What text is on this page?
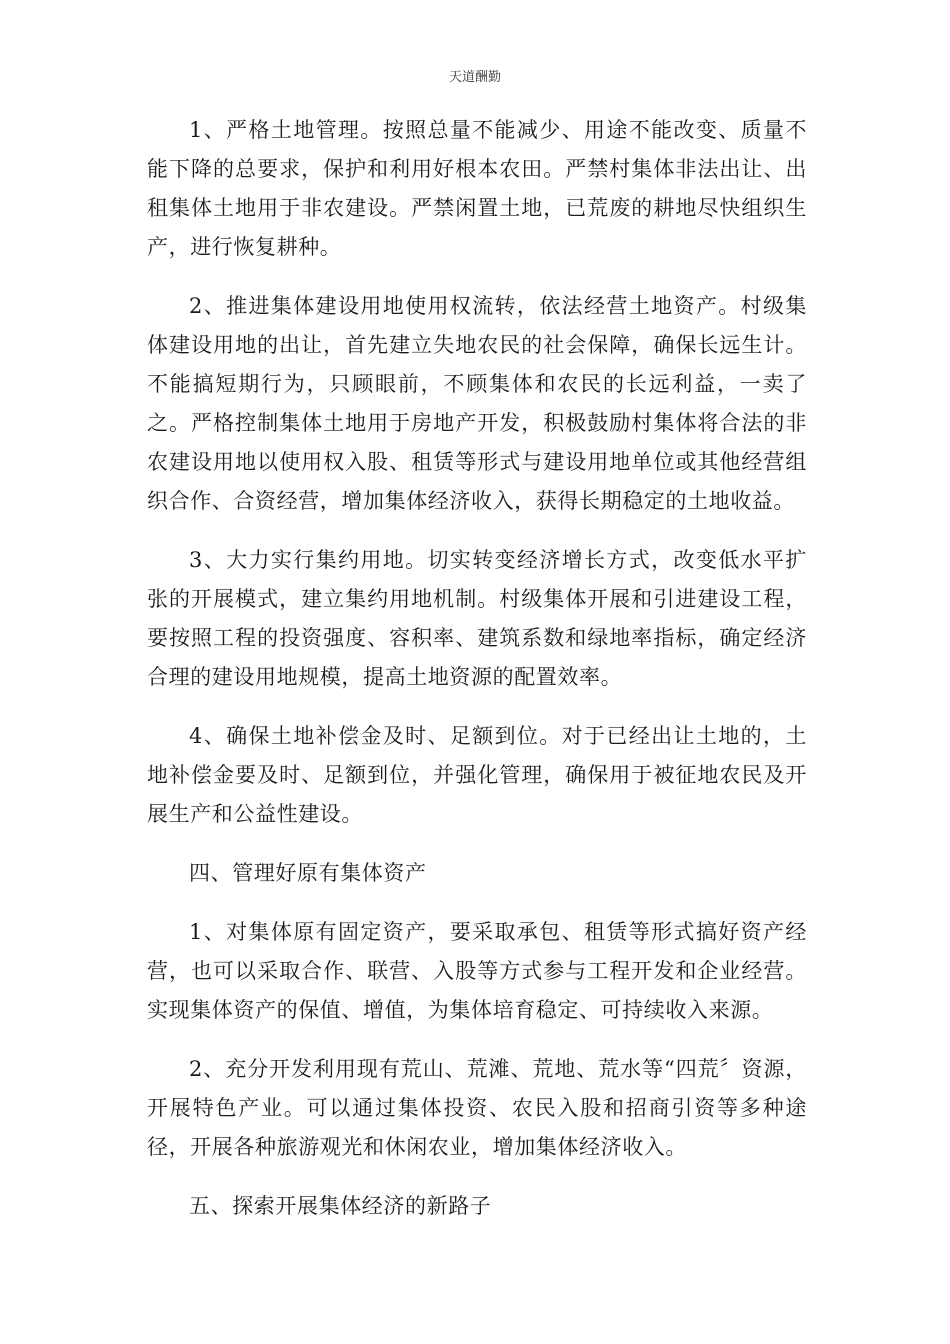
天道酬勤

1、严格土地管理。按照总量不能减少、用途不能改变、质量不能下降的总要求，保护和利用好根本农田。严禁村集体非法出让、出租集体土地用于非农建设。严禁闲置土地，已荒废的耕地尽快组织生产，进行恢复耕种。

2、推进集体建设用地使用权流转，依法经营土地资产。村级集体建设用地的出让，首先建立失地农民的社会保障，确保长远生计。不能搞短期行为，只顾眼前，不顾集体和农民的长远利益，一卖了之。严格控制集体土地用于房地产开发，积极鼓励村集体将合法的非农建设用地以使用权入股、租赁等形式与建设用地单位或其他经营组织合作、合资经营，增加集体经济收入，获得长期稳定的土地收益。

3、大力实行集约用地。切实转变经济增长方式，改变低水平扩张的开展模式，建立集约用地机制。村级集体开展和引进建设工程，要按照工程的投资强度、容积率、建筑系数和绿地率指标，确定经济合理的建设用地规模，提高土地资源的配置效率。

4、确保土地补偿金及时、足额到位。对于已经出让土地的，土地补偿金要及时、足额到位，并强化管理，确保用于被征地农民及开展生产和公益性建设。

四、管理好原有集体资产

1、对集体原有固定资产，要采取承包、租赁等形式搞好资产经营，也可以采取合作、联营、入股等方式参与工程开发和企业经营。实现集体资产的保值、增值，为集体培育稳定、可持续收入来源。

2、充分开发利用现有荒山、荒滩、荒地、荒水等“四荒〞资源，开展特色产业。可以通过集体投资、农民入股和招商引资等多种途径，开展各种旅游观光和休闲农业，增加集体经济收入。

五、探索开展集体经济的新路子
